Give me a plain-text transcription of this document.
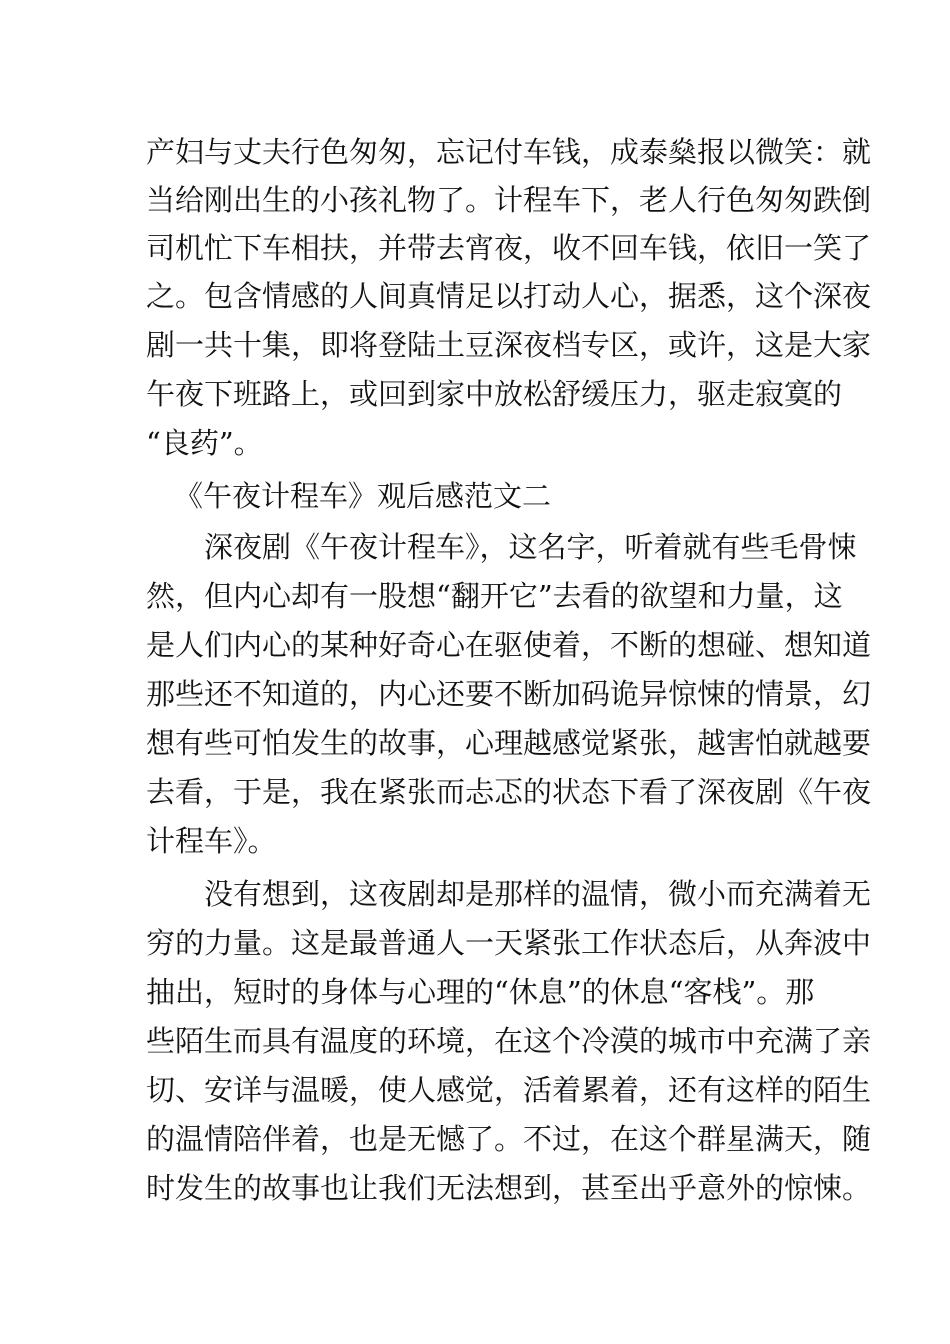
产妇与丈夫行色匆匆，忘记付车钱，成泰燊报以微笑：就
当给刚出生的小孩礼物了。计程车下，老人行色匆匆跌倒
司机忙下车相扶，并带去宵夜，收不回车钱，依旧一笑了
之。包含情感的人间真情足以打动人心，据悉，这个深夜
剧一共十集，即将登陆土豆深夜档专区，或许，这是大家
午夜下班路上，或回到家中放松舒缓压力，驱走寂寞的
“良药”。
《午夜计程车》观后感范文二
深夜剧《午夜计程车》，这名字，听着就有些毛骨悚
然，但内心却有一股想“翻开它”去看的欲望和力量，这
是人们内心的某种好奇心在驱使着，不断的想碰、想知道
那些还不知道的，内心还要不断加码诡异惊悚的情景，幻
想有些可怕发生的故事，心理越感觉紧张，越害怕就越要
去看，于是，我在紧张而忐忑的状态下看了深夜剧《午夜
计程车》。
没有想到，这夜剧却是那样的温情，微小而充满着无
穷的力量。这是最普通人一天紧张工作状态后，从奔波中
抽出，短时的身体与心理的“休息”的休息“客栈”。那
些陌生而具有温度的环境，在这个冷漠的城市中充满了亲
切、安详与温暖，使人感觉，活着累着，还有这样的陌生
的温情陪伴着，也是无憾了。不过，在这个群星满天，随
时发生的故事也让我们无法想到，甚至出乎意外的惊悚。
